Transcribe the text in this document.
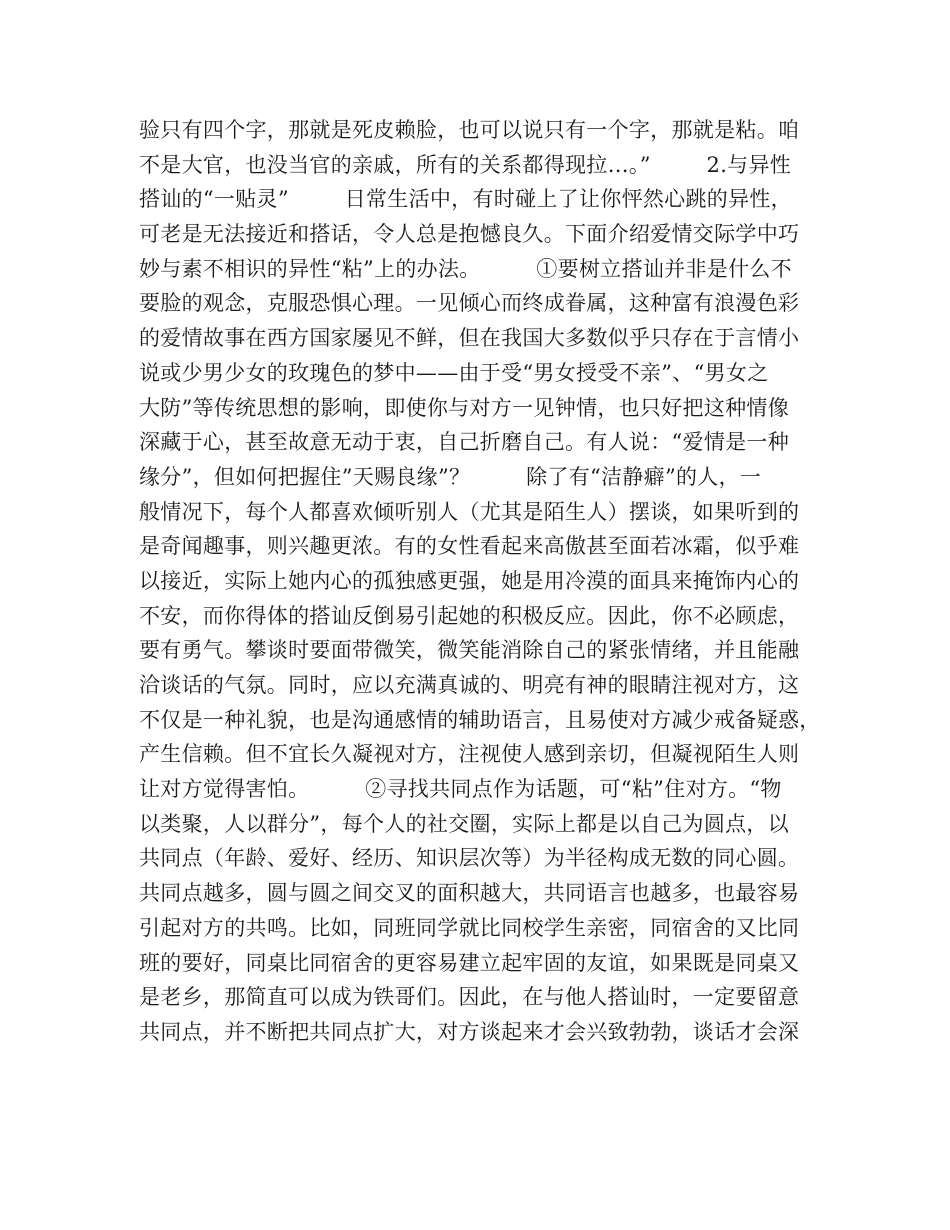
验只有四个字，那就是死皮赖脸，也可以说只有一个字，那就是粘。咱
不是大官，也没当官的亲戚，所有的关系都得现拉…。”        2.与异性
搭讪的“一贴灵”        日常生活中，有时碰上了让你怦然心跳的异性，
可老是无法接近和搭话，令人总是抱憾良久。下面介绍爱情交际学中巧
妙与素不相识的异性“粘”上的办法。        ①要树立搭讪并非是什么不
要脸的观念，克服恐惧心理。一见倾心而终成眷属，这种富有浪漫色彩
的爱情故事在西方国家屡见不鲜，但在我国大多数似乎只存在于言情小
说或少男少女的玫瑰色的梦中——由于受“男女授受不亲”、“男女之
大防”等传统思想的影响，即使你与对方一见钟情，也只好把这种情像
深藏于心，甚至故意无动于衷，自己折磨自己。有人说：“爱情是一种
缘分”，但如何把握住”天赐良缘”？        除了有“洁静癖”的人，一
般情况下，每个人都喜欢倾听别人（尤其是陌生人）摆谈，如果听到的
是奇闻趣事，则兴趣更浓。有的女性看起来高傲甚至面若冰霜，似乎难
以接近，实际上她内心的孤独感更强，她是用冷漠的面具来掩饰内心的
不安，而你得体的搭讪反倒易引起她的积极反应。因此，你不必顾虑，
要有勇气。攀谈时要面带微笑，微笑能消除自己的紧张情绪，并且能融
洽谈话的气氛。同时，应以充满真诚的、明亮有神的眼睛注视对方，这
不仅是一种礼貌，也是沟通感情的辅助语言，且易使对方减少戒备疑惑，
产生信赖。但不宜长久凝视对方，注视使人感到亲切，但凝视陌生人则
让对方觉得害怕。        ②寻找共同点作为话题，可“粘”住对方。“物
以类聚，人以群分”，每个人的社交圈，实际上都是以自己为圆点，以
共同点（年龄、爱好、经历、知识层次等）为半径构成无数的同心圆。
共同点越多，圆与圆之间交叉的面积越大，共同语言也越多，也最容易
引起对方的共鸣。比如，同班同学就比同校学生亲密，同宿舍的又比同
班的要好，同桌比同宿舍的更容易建立起牢固的友谊，如果既是同桌又
是老乡，那简直可以成为铁哥们。因此，在与他人搭讪时，一定要留意
共同点，并不断把共同点扩大，对方谈起来才会兴致勃勃，谈话才会深
